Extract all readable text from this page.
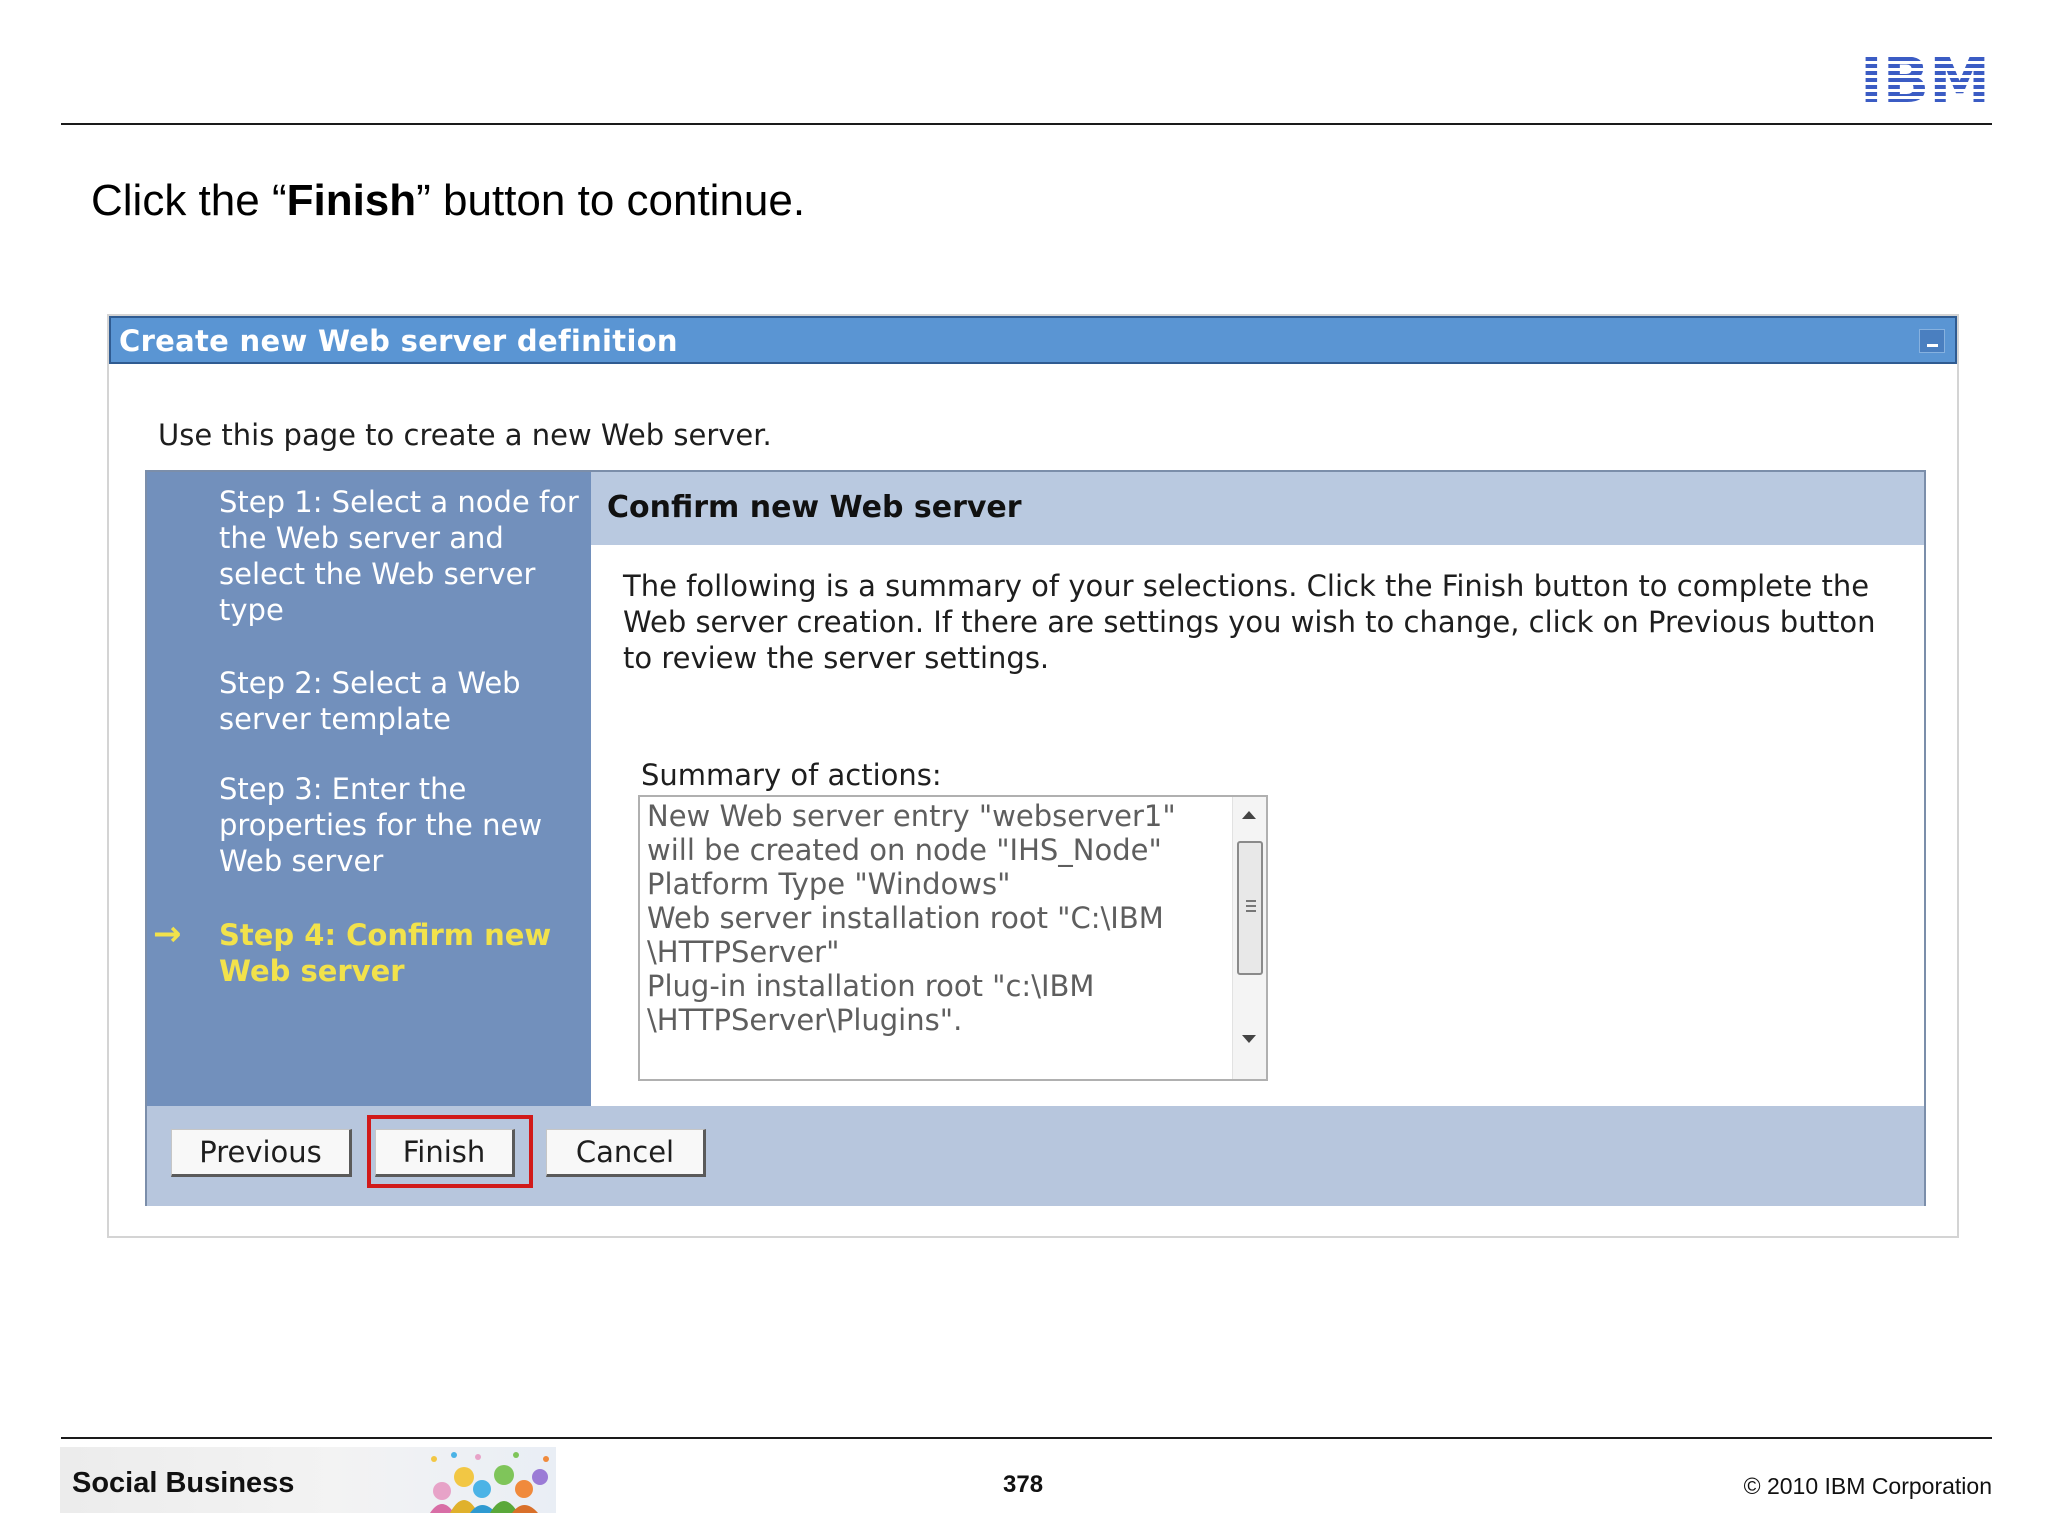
Click the “Finish” button to continue.
Create new Web server definition
Use this page to create a new Web server.
Step 1: Select a node for the Web server and select the Web server type
Step 2: Select a Web server template
Step 3: Enter the properties for the new Web server
→ Step 4: Confirm new Web server
Confirm new Web server
The following is a summary of your selections. Click the Finish button to complete the Web server creation. If there are settings you wish to change, click on Previous button to review the server settings.
Summary of actions:
New Web server entry "webserver1"
will be created on node "IHS_Node"
Platform Type "Windows"
Web server installation root "C:\IBM
\HTTPServer"
Plug-in installation root "c:\IBM
\HTTPServer\Plugins".
Previous	Finish	Cancel
Social Business	378	© 2010 IBM Corporation
